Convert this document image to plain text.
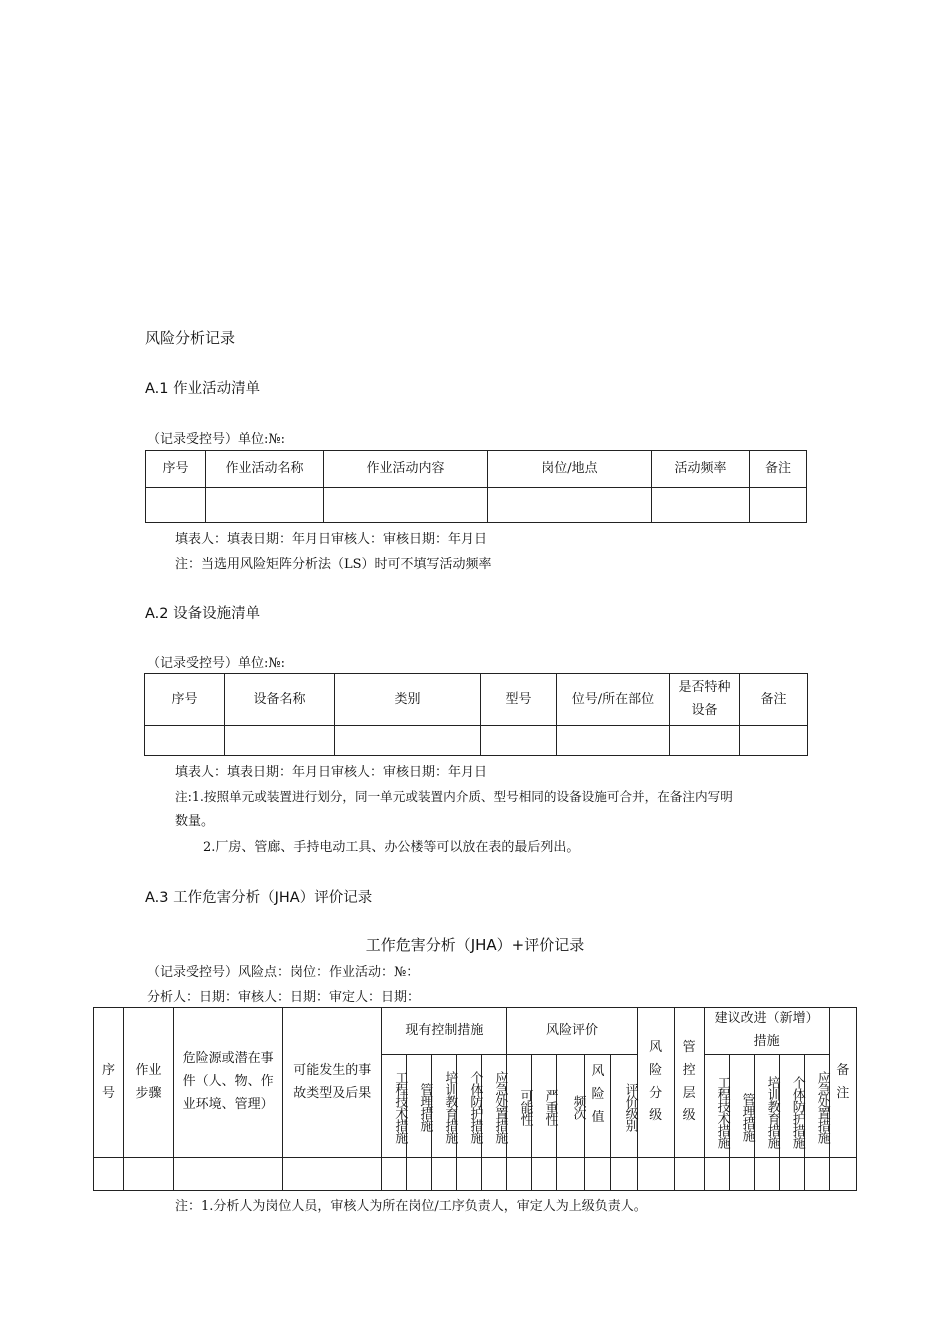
风险分析记录
A.1 作业活动清单
（记录受控号）单位:№:
序号	作业活动名称	作业活动内容	岗位/地点	活动频率	备注

填表人：填表日期：年月日审核人：审核日期：年月日
注：当选用风险矩阵分析法（LS）时可不填写活动频率
A.2 设备设施清单
（记录受控号）单位:№:
序号	设备名称	类别	型号	位号/所在部位	是否特种设备	备注

填表人：填表日期：年月日审核人：审核日期：年月日
注:1.按照单元或装置进行划分，同一单元或装置内介质、型号相同的设备设施可合并，在备注内写明
数量。
2.厂房、管廊、手持电动工具、办公楼等可以放在表的最后列出。
A.3 工作危害分析（JHA）评价记录
工作危害分析（JHA）+评价记录
（记录受控号）风险点：岗位：作业活动：№：
分析人：日期：审核人：日期：审定人：日期：
序号	作业步骤	危险源或潜在事件（人、物、作业环境、管理）	可能发生的事故类型及后果	现有控制措施					风险评价					风险分级	管控层级	建议改进（新增）措施					备注
				工程技术措施	管理措施	培训教育措施	个体防护措施	应急处置措施	可能性	严重性	频次	风险值	评价级别			工程技术措施	管理措施	培训教育措施	个体防护措施	应急处置措施	

注：1.分析人为岗位人员，审核人为所在岗位/工序负责人，审定人为上级负责人。
